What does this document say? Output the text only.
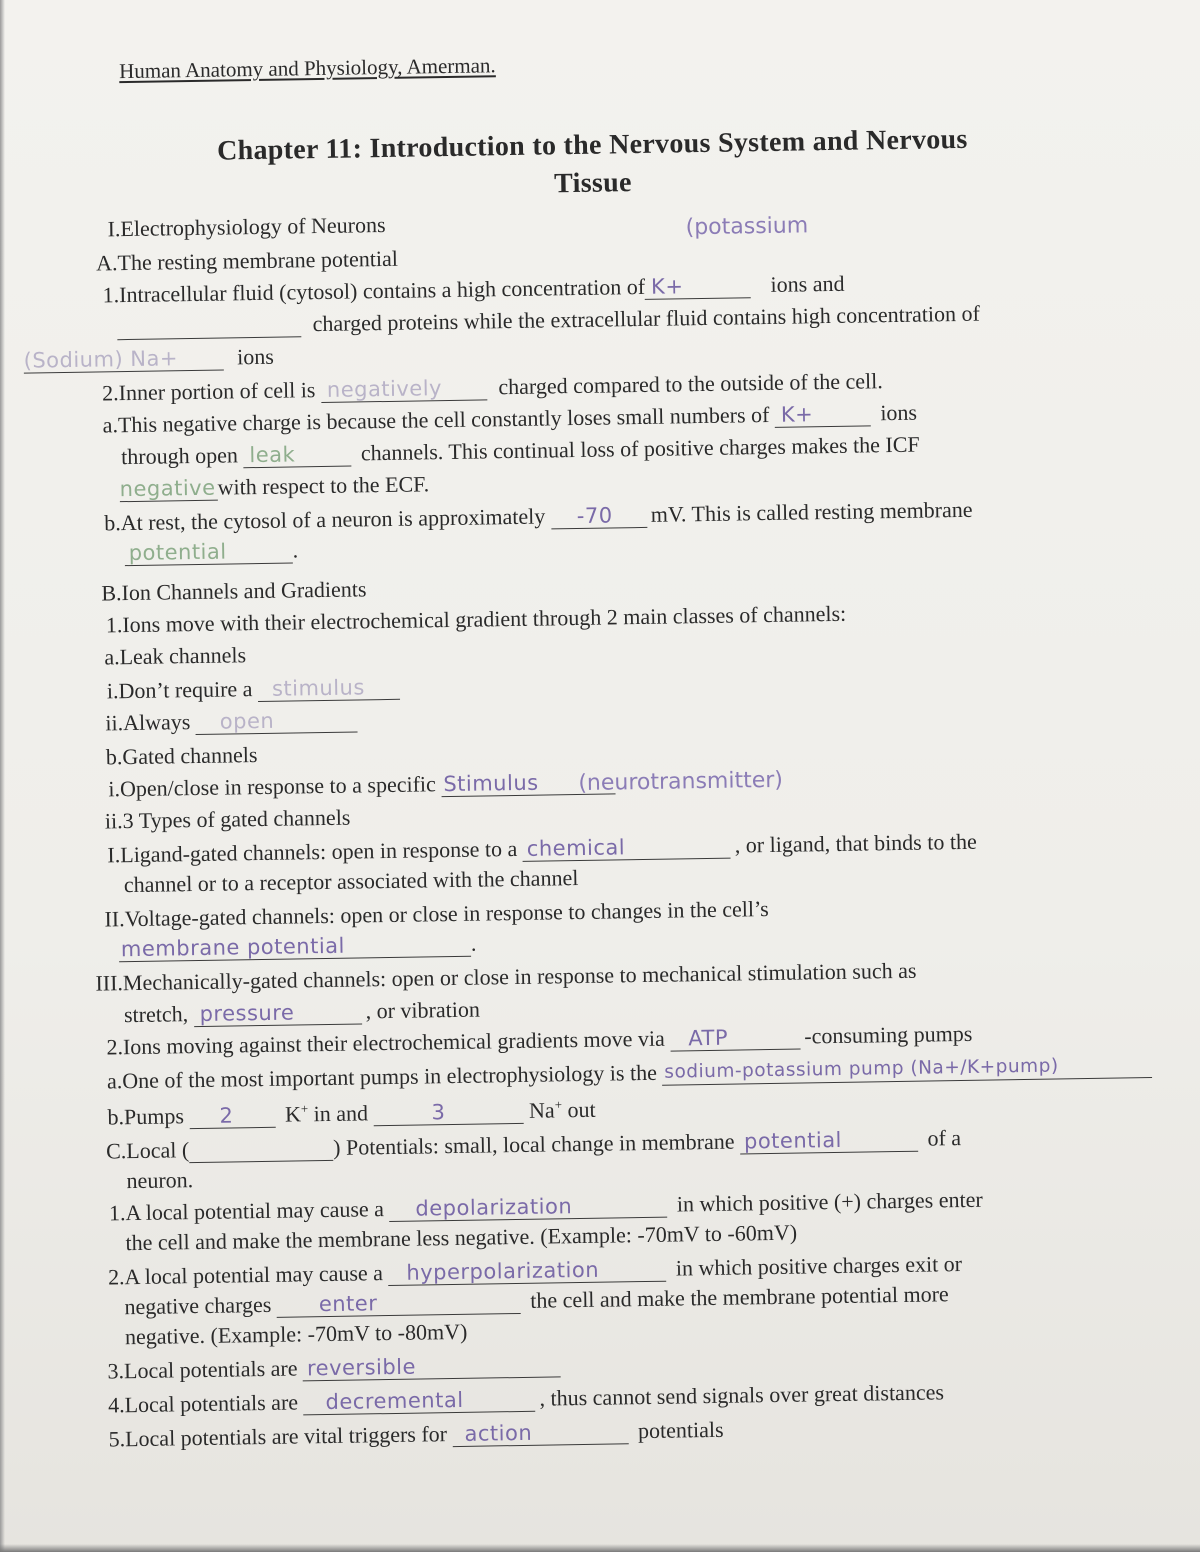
Human Anatomy and Physiology, Amerman.
Chapter 11: Introduction to the Nervous System and Nervous
Tissue
I.Electrophysiology of Neurons	(potassium
A.The resting membrane potential
1.Intracellular fluid (cytosol) contains a high concentration of K+	ions and
charged proteins while the extracellular fluid contains high concentration of
(Sodium) Na+	ions
2.Inner portion of cell is negatively	charged compared to the outside of the cell.
a.This negative charge is because the cell constantly loses small numbers of K+	ions
through open leak	channels. This continual loss of positive charges makes the ICF
negative with respect to the ECF.
b.At rest, the cytosol of a neuron is approximately -70 mV. This is called resting membrane
potential	.
B.Ion Channels and Gradients
1.Ions move with their electrochemical gradient through 2 main classes of channels:
a.Leak channels
i.Don’t require a stimulus
ii.Always open
b.Gated channels
i.Open/close in response to a specific Stimulus (neurotransmitter)
ii.3 Types of gated channels
I.Ligand-gated channels: open in response to a chemical	, or ligand, that binds to the
channel or to a receptor associated with the channel
II.Voltage-gated channels: open or close in response to changes in the cell’s
membrane potential	.
III.Mechanically-gated channels: open or close in response to mechanical stimulation such as
stretch, pressure	, or vibration
2.Ions moving against their electrochemical gradients move via ATP	-consuming pumps
a.One of the most important pumps in electrophysiology is the sodium-potassium pump (Na+/K+pump)
b.Pumps 2 K+ in and	3	Na+ out
C.Local (	) Potentials: small, local change in membrane potential	of a
neuron.
1.A local potential may cause a depolarization	in which positive (+) charges enter
the cell and make the membrane less negative. (Example: -70mV to -60mV)
2.A local potential may cause a hyperpolarization	in which positive charges exit or
negative charges enter	the cell and make the membrane potential more
negative. (Example: -70mV to -80mV)
3.Local potentials are reversible
4.Local potentials are decremental	, thus cannot send signals over great distances
5.Local potentials are vital triggers for action	potentials
